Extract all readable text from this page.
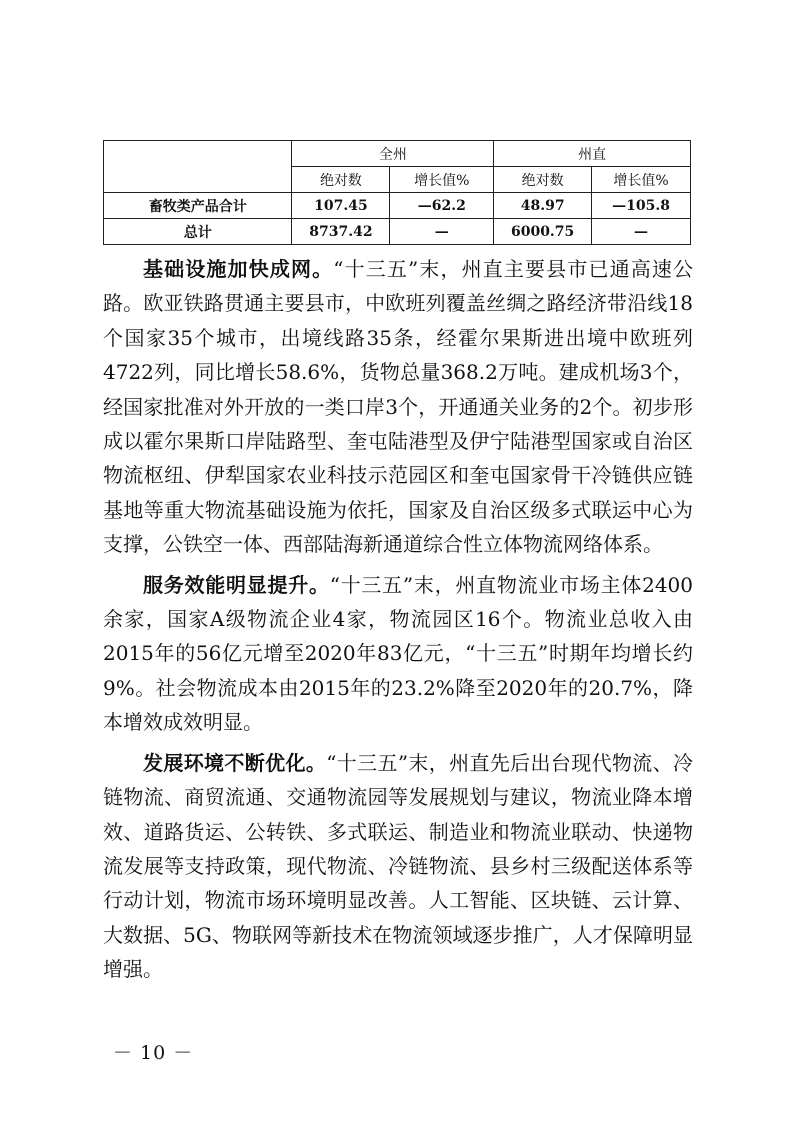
	全州		州直	
	绝对数	增长值%	绝对数	增长值%
畜牧类产品合计	107.45	—62.2	48.97	—105.8
总计	8737.42	—	6000.75	—

基础设施加快成网。“十三五”末，州直主要县市已通高速公路。欧亚铁路贯通主要县市，中欧班列覆盖丝绸之路经济带沿线18个国家35个城市，出境线路35条，经霍尔果斯进出境中欧班列4722列，同比增长58.6%，货物总量368.2万吨。建成机场3个，经国家批准对外开放的一类口岸3个，开通通关业务的2个。初步形成以霍尔果斯口岸陆路型、奎屯陆港型及伊宁陆港型国家或自治区物流枢纽、伊犁国家农业科技示范园区和奎屯国家骨干冷链供应链基地等重大物流基础设施为依托，国家及自治区级多式联运中心为支撑，公铁空一体、西部陆海新通道综合性立体物流网络体系。

服务效能明显提升。“十三五”末，州直物流业市场主体2400余家，国家A级物流企业4家，物流园区16个。物流业总收入由2015年的56亿元增至2020年83亿元，“十三五”时期年均增长约9%。社会物流成本由2015年的23.2%降至2020年的20.7%，降本增效成效明显。

发展环境不断优化。“十三五”末，州直先后出台现代物流、冷链物流、商贸流通、交通物流园等发展规划与建议，物流业降本增效、道路货运、公转铁、多式联运、制造业和物流业联动、快递物流发展等支持政策，现代物流、冷链物流、县乡村三级配送体系等行动计划，物流市场环境明显改善。人工智能、区块链、云计算、大数据、5G、物联网等新技术在物流领域逐步推广，人才保障明显增强。

－ 10 －
